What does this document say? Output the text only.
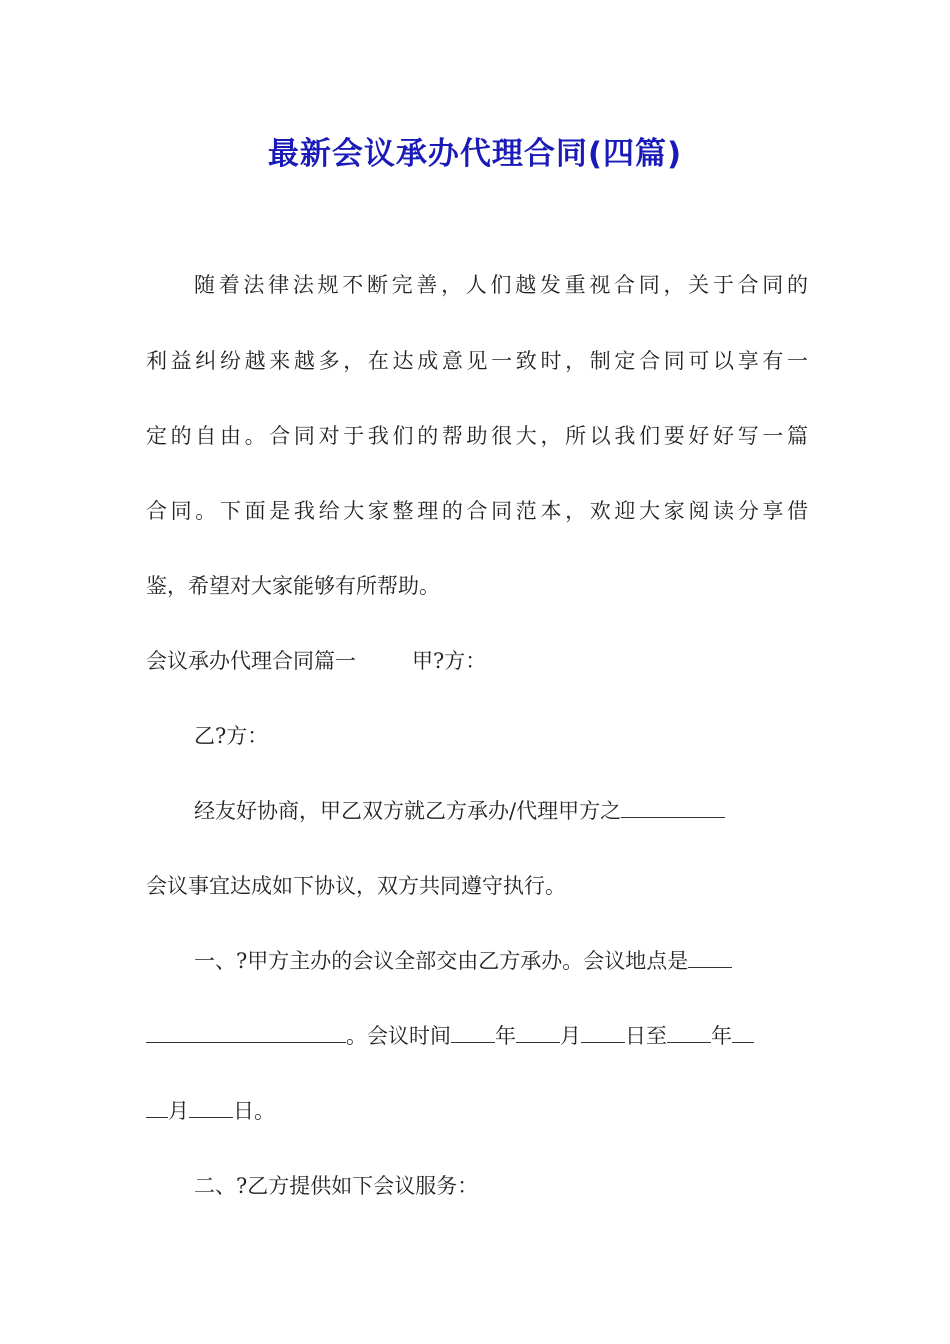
最新会议承办代理合同(四篇)
随着法律法规不断完善，人们越发重视合同，关于合同的
利益纠纷越来越多，在达成意见一致时，制定合同可以享有一
定的自由。合同对于我们的帮助很大，所以我们要好好写一篇
合同。下面是我给大家整理的合同范本，欢迎大家阅读分享借
鉴，希望对大家能够有所帮助。
会议承办代理合同篇一	甲?方：
乙?方：
经友好协商，甲乙双方就乙方承办/代理甲方之
会议事宜达成如下协议，双方共同遵守执行。
一、?甲方主办的会议全部交由乙方承办。会议地点是
。会议时间 年 月 日至 年
月 日。
二、?乙方提供如下会议服务：
